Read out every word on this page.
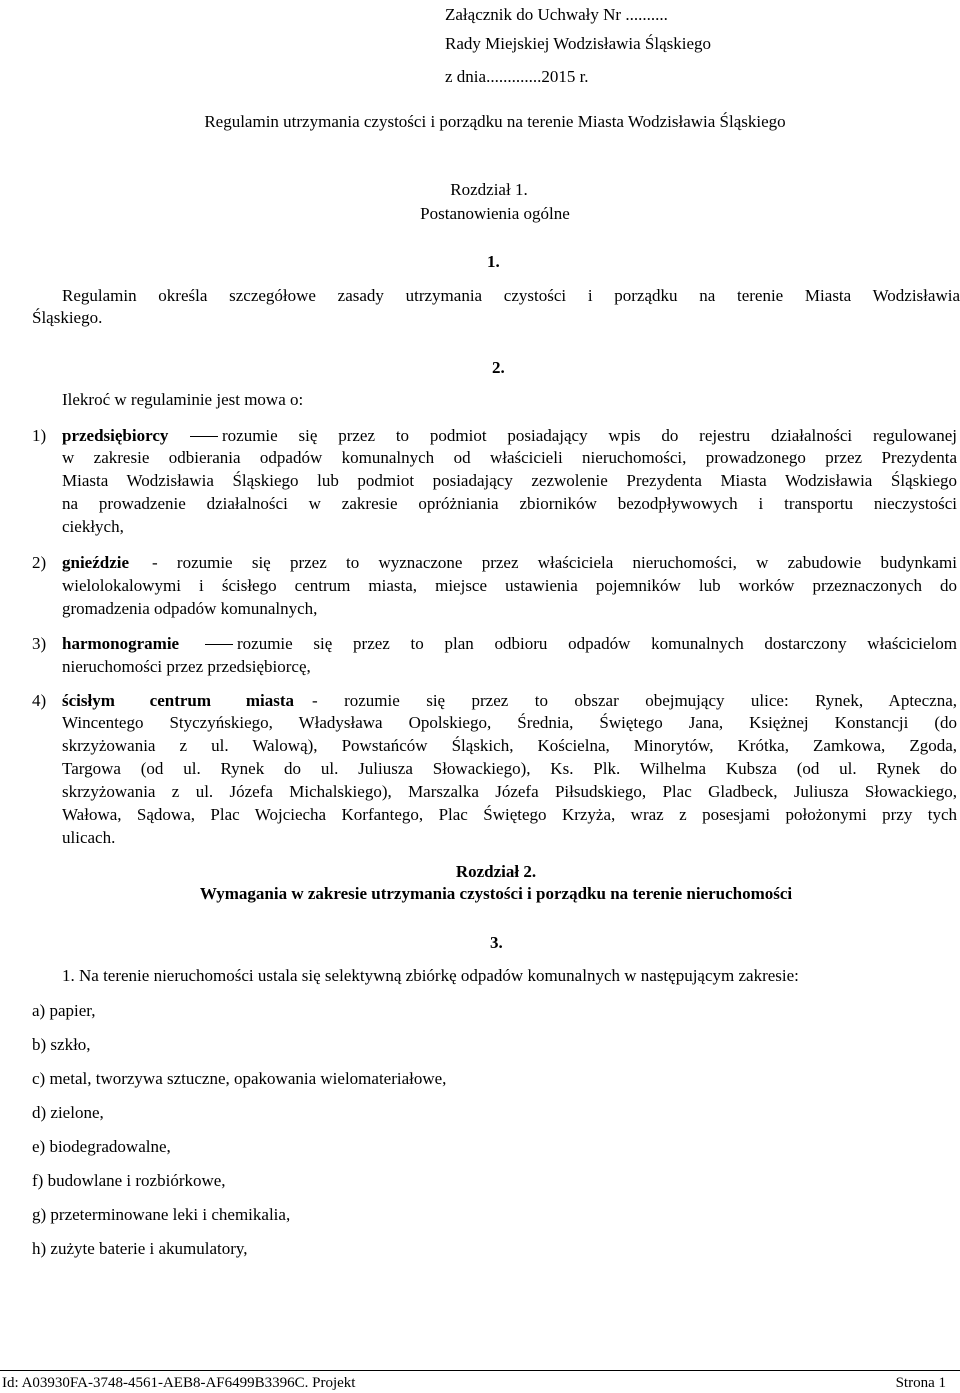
Załącznik do Uchwały Nr ..........
Rady Miejskiej Wodzisławia Śląskiego
z dnia.............2015 r.
Regulamin utrzymania czystości i porządku na terenie Miasta Wodzisławia Śląskiego
Rozdział 1.
Postanowienia ogólne
1.
Regulamin określa szczegółowe zasady utrzymania czystości i porządku na terenie Miasta Wodzisławia
Śląskiego.
2.
Ilekroć w regulaminie jest mowa o:
1) przedsiębiorcy	rozumie się przez to podmiot posiadający wpis do rejestru działalności regulowanej
w zakresie odbierania odpadów komunalnych od właścicieli nieruchomości, prowadzonego przez Prezydenta
Miasta Wodzisławia Śląskiego lub podmiot posiadający zezwolenie Prezydenta Miasta Wodzisławia Śląskiego
na prowadzenie działalności w zakresie opróżniania zbiorników bezodpływowych i transportu nieczystości
ciekłych,
2) gnieździe - rozumie się przez to wyznaczone przez właściciela nieruchomości, w zabudowie budynkami
wielolokalowymi i ścisłego centrum miasta, miejsce ustawienia pojemników lub worków przeznaczonych do
gromadzenia odpadów komunalnych,
3) harmonogramie	rozumie się przez to plan odbioru odpadów komunalnych dostarczony właścicielom
nieruchomości przez przedsiębiorcę,
4) ścisłym centrum miasta - rozumie się przez to obszar obejmujący ulice: Rynek, Apteczna,
Wincentego Styczyńskiego, Władysława Opolskiego, Średnia, Świętego Jana, Księżnej Konstancji (do
skrzyżowania z ul. Walową), Powstańców Śląskich, Kościelna, Minorytów, Krótka, Zamkowa, Zgoda,
Targowa (od ul. Rynek do ul. Juliusza Słowackiego), Ks. Plk. Wilhelma Kubsza (od ul. Rynek do
skrzyżowania z ul. Józefa Michalskiego), Marszalka Józefa Piłsudskiego, Plac Gladbeck, Juliusza Słowackiego,
Wałowa, Sądowa, Plac Wojciecha Korfantego, Plac Świętego Krzyża, wraz z posesjami położonymi przy tych
ulicach.
Rozdział 2.
Wymagania w zakresie utrzymania czystości i porządku na terenie nieruchomości
3.
1. Na terenie nieruchomości ustala się selektywną zbiórkę odpadów komunalnych w następującym zakresie:
a) papier,
b) szkło,
c) metal, tworzywa sztuczne, opakowania wielomateriałowe,
d) zielone,
e) biodegradowalne,
f) budowlane i rozbiórkowe,
g) przeterminowane leki i chemikalia,
h) zużyte baterie i akumulatory,
Id: A03930FA-3748-4561-AEB8-AF6499B3396C. Projekt	Strona 1
